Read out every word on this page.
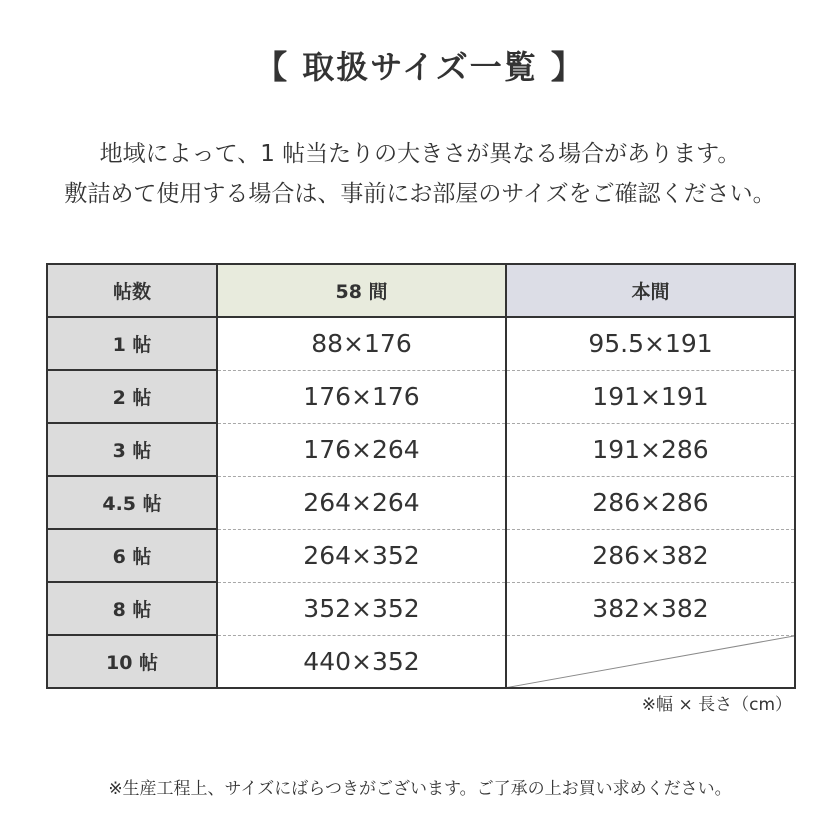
【 取扱サイズ一覧 】
地域によって、1 帖当たりの大きさが異なる場合があります。
敷詰めて使用する場合は、事前にお部屋のサイズをご確認ください。
帖数	58 間	本間
1 帖	88×176	95.5×191
2 帖	176×176	191×191
3 帖	176×264	191×286
4.5 帖	264×264	286×286
6 帖	264×352	286×382
8 帖	352×352	382×382
10 帖	440×352	
※幅 × 長さ（cm）
※生産工程上、サイズにばらつきがございます。ご了承の上お買い求めください。
